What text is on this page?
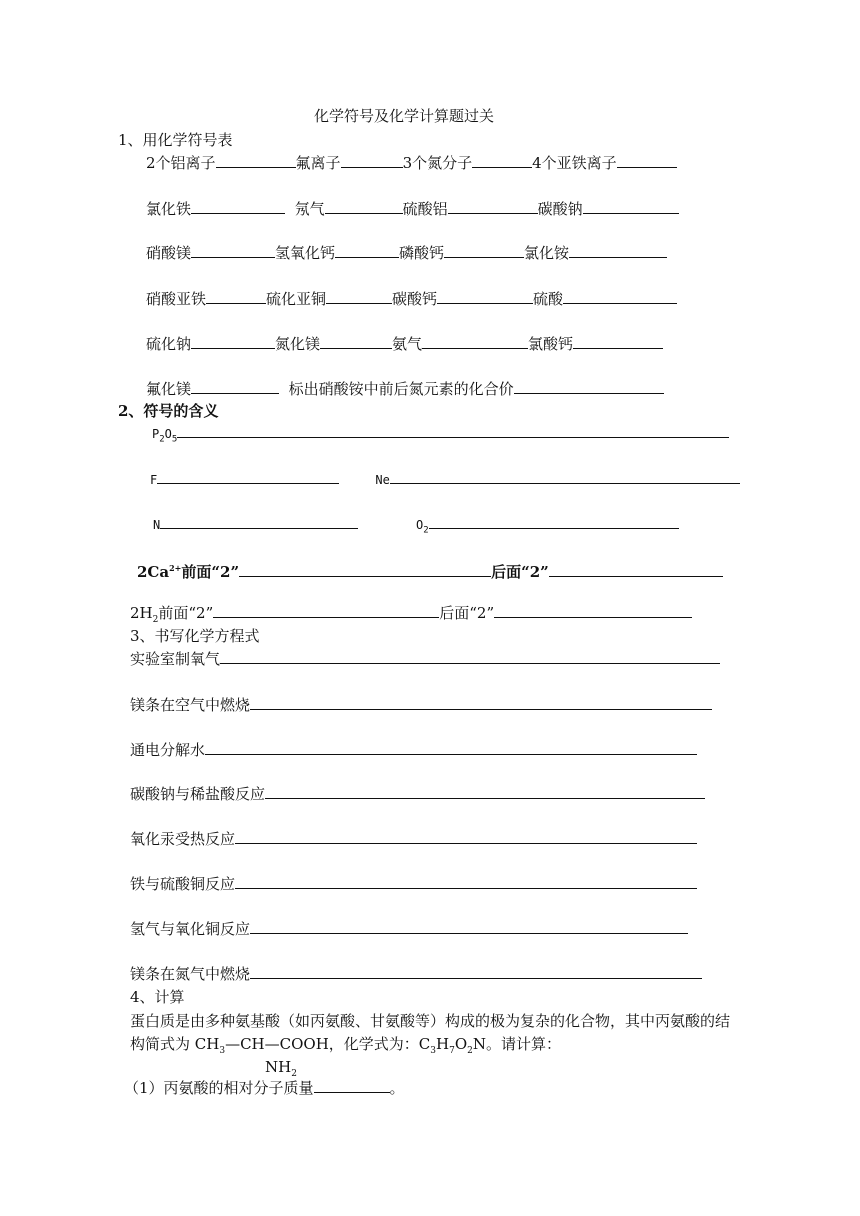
化学符号及化学计算题过关
1、用化学符号表
2个铝离子	氟离子	3个氮分子	4个亚铁离子
氯化铁	氖气	硫酸铝	碳酸钠
硝酸镁	氢氧化钙	磷酸钙	氯化铵
硝酸亚铁	硫化亚铜	碳酸钙	硫酸
硫化钠	氮化镁	氨气	氯酸钙
氟化镁	标出硝酸铵中前后氮元素的化合价
2、符号的含义
$P_2O_5$
F	Ne
N	$O_2$
$2Ca^{2+}$前面“2”	后面“2”
$2H_2$前面“2”	后面“2”
3、书写化学方程式
实验室制氧气
镁条在空气中燃烧
通电分解水
碳酸钠与稀盐酸反应
氧化汞受热反应
铁与硫酸铜反应
氢气与氧化铜反应
镁条在氮气中燃烧
4、计算
蛋白质是由多种氨基酸（如丙氨酸、甘氨酸等）构成的极为复杂的化合物，其中丙氨酸的结
构简式为 $CH_3—CH—COOH$，化学式为：$C_3H_7O_2N$。请计算：
$NH_2$
（1）丙氨酸的相对分子质量	。
